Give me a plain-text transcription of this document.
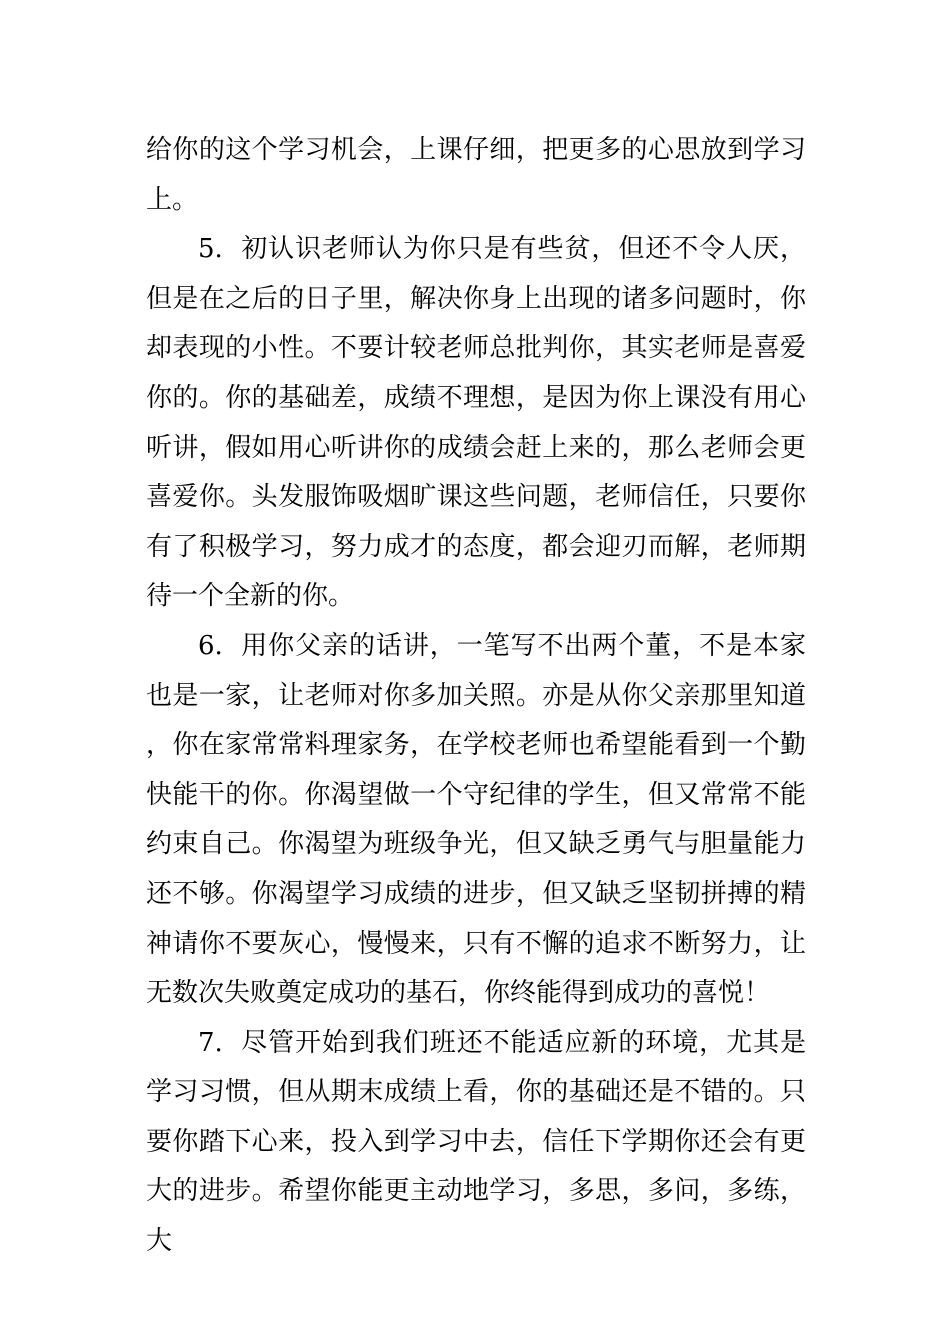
给你的这个学习机会，上课仔细，把更多的心思放到学习上。

5. 初认识老师认为你只是有些贫，但还不令人厌，但是在之后的日子里，解决你身上出现的诸多问题时，你却表现的小性。不要计较老师总批判你，其实老师是喜爱你的。你的基础差，成绩不理想，是因为你上课没有用心听讲，假如用心听讲你的成绩会赶上来的，那么老师会更喜爱你。头发服饰吸烟旷课这些问题，老师信任，只要你有了积极学习，努力成才的态度，都会迎刃而解，老师期待一个全新的你。

6. 用你父亲的话讲，一笔写不出两个董，不是本家也是一家，让老师对你多加关照。亦是从你父亲那里知道，你在家常常料理家务，在学校老师也希望能看到一个勤快能干的你。你渴望做一个守纪律的学生，但又常常不能约束自己。你渴望为班级争光，但又缺乏勇气与胆量能力还不够。你渴望学习成绩的进步，但又缺乏坚韧拼搏的精神请你不要灰心，慢慢来，只有不懈的追求不断努力，让无数次失败奠定成功的基石，你终能得到成功的喜悦！

7. 尽管开始到我们班还不能适应新的环境，尤其是学习习惯，但从期末成绩上看，你的基础还是不错的。只要你踏下心来，投入到学习中去，信任下学期你还会有更大的进步。希望你能更主动地学习，多思，多问，多练，大
